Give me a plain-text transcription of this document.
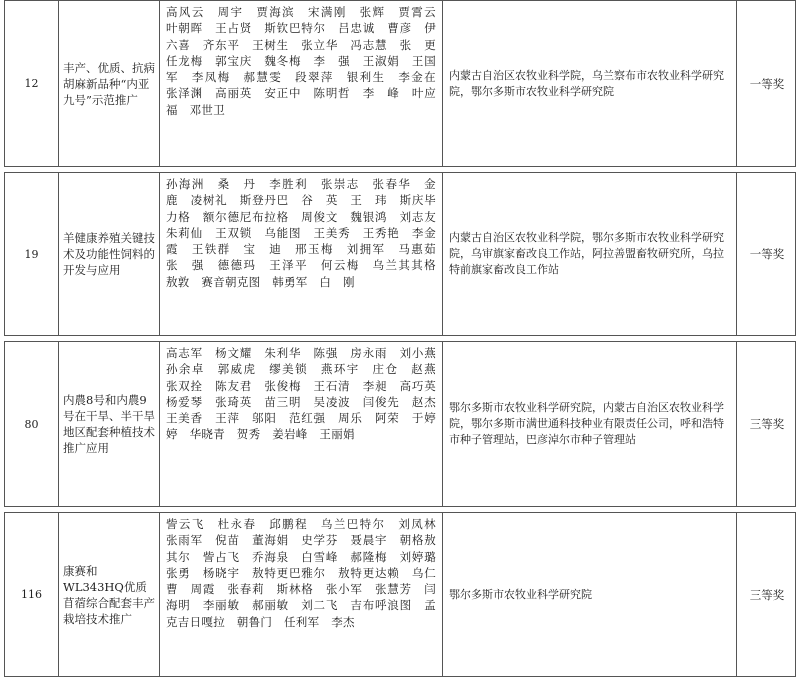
12
丰产、优质、抗病胡麻新品种“内亚九号”示范推广
高风云　周宇　贾海滨　宋满刚　张辉　贾霄云　叶朝晖　王占贤　斯钦巴特尔　吕忠诚　曹彦　伊六喜　齐东平　王树生　张立华　冯志慧　张　更　任龙梅　郭宝庆　魏冬梅　李　强　王淑娟　王国军　李凤梅　郝慧雯　段翠萍　银利生　李金在　张泽渊　高丽英　安正中　陈明哲　李　峰　叶应福　邓世卫
内蒙古自治区农牧业科学院，乌兰察布市农牧业科学研究院，鄂尔多斯市农牧业科学研究院
一等奖
19
羊健康养殖关键技术及功能性饲料的开发与应用
孙海洲　桑　丹　李胜利　张崇志　张春华　金　鹿　凌树礼　斯登丹巴　谷　英　王　玮　斯庆毕力格　额尔德尼布拉格　周俊文　魏银鸿　刘志友　朱莉仙　王双锁　乌能图　王美秀　王秀艳　李金　霞　王铁群　宝　迪　邢玉梅　刘拥军　马惠茹　张　强　德德玛　王泽平　何云梅　乌兰其其格　敖敦　赛音朝克图　韩勇军　白　刚
内蒙古自治区农牧业科学院，鄂尔多斯市农牧业科学研究院，乌审旗家畜改良工作站，阿拉善盟畜牧研究所，乌拉特前旗家畜改良工作站
一等奖
80
内農8号和内農9号在干旱、半干旱地区配套种植技术推广应用
高志军　杨文耀　朱利华　陈强　房永雨　刘小燕　孙余卓　郭威虎　缪美锁　燕环宇　庄仓　赵燕　张双拴　陈友君　张俊梅　王石清　李昶　高巧英　杨爱琴　张琦英　苗三明　吴凌波　闫俊先　赵杰　王美香　王萍　邬阳　范红强　周乐　阿荣　于婷　婷　华晓青　贺秀　姜岩峰　王丽娟
鄂尔多斯市农牧业科学研究院，内蒙古自治区农牧业科学院，鄂尔多斯市满世通科技种业有限责任公司，呼和浩特市种子管理站，巴彦淖尔市种子管理站
三等奖
116
康赛和WL343HQ优质苜蓿综合配套丰产栽培技术推广
訾云飞　杜永春　邱鹏程　乌兰巴特尔　刘凤林　张雨军　倪苗　董海娟　史学芬　聂晨宇　朝格敖其尔　訾占飞　乔海泉　白雪峰　郝隆梅　刘婷璐　张勇　杨晓宇　敖特更巴雅尔　敖特更达赖　乌仁曹　周霞　张春莉　斯林格　张小军　张慧芳　闫海明　李丽敏　郝丽敏　刘二飞　吉布呼浪图　孟克吉日嘎拉　朝鲁门　任利军　李杰
鄂尔多斯市农牧业科学研究院	三等奖
